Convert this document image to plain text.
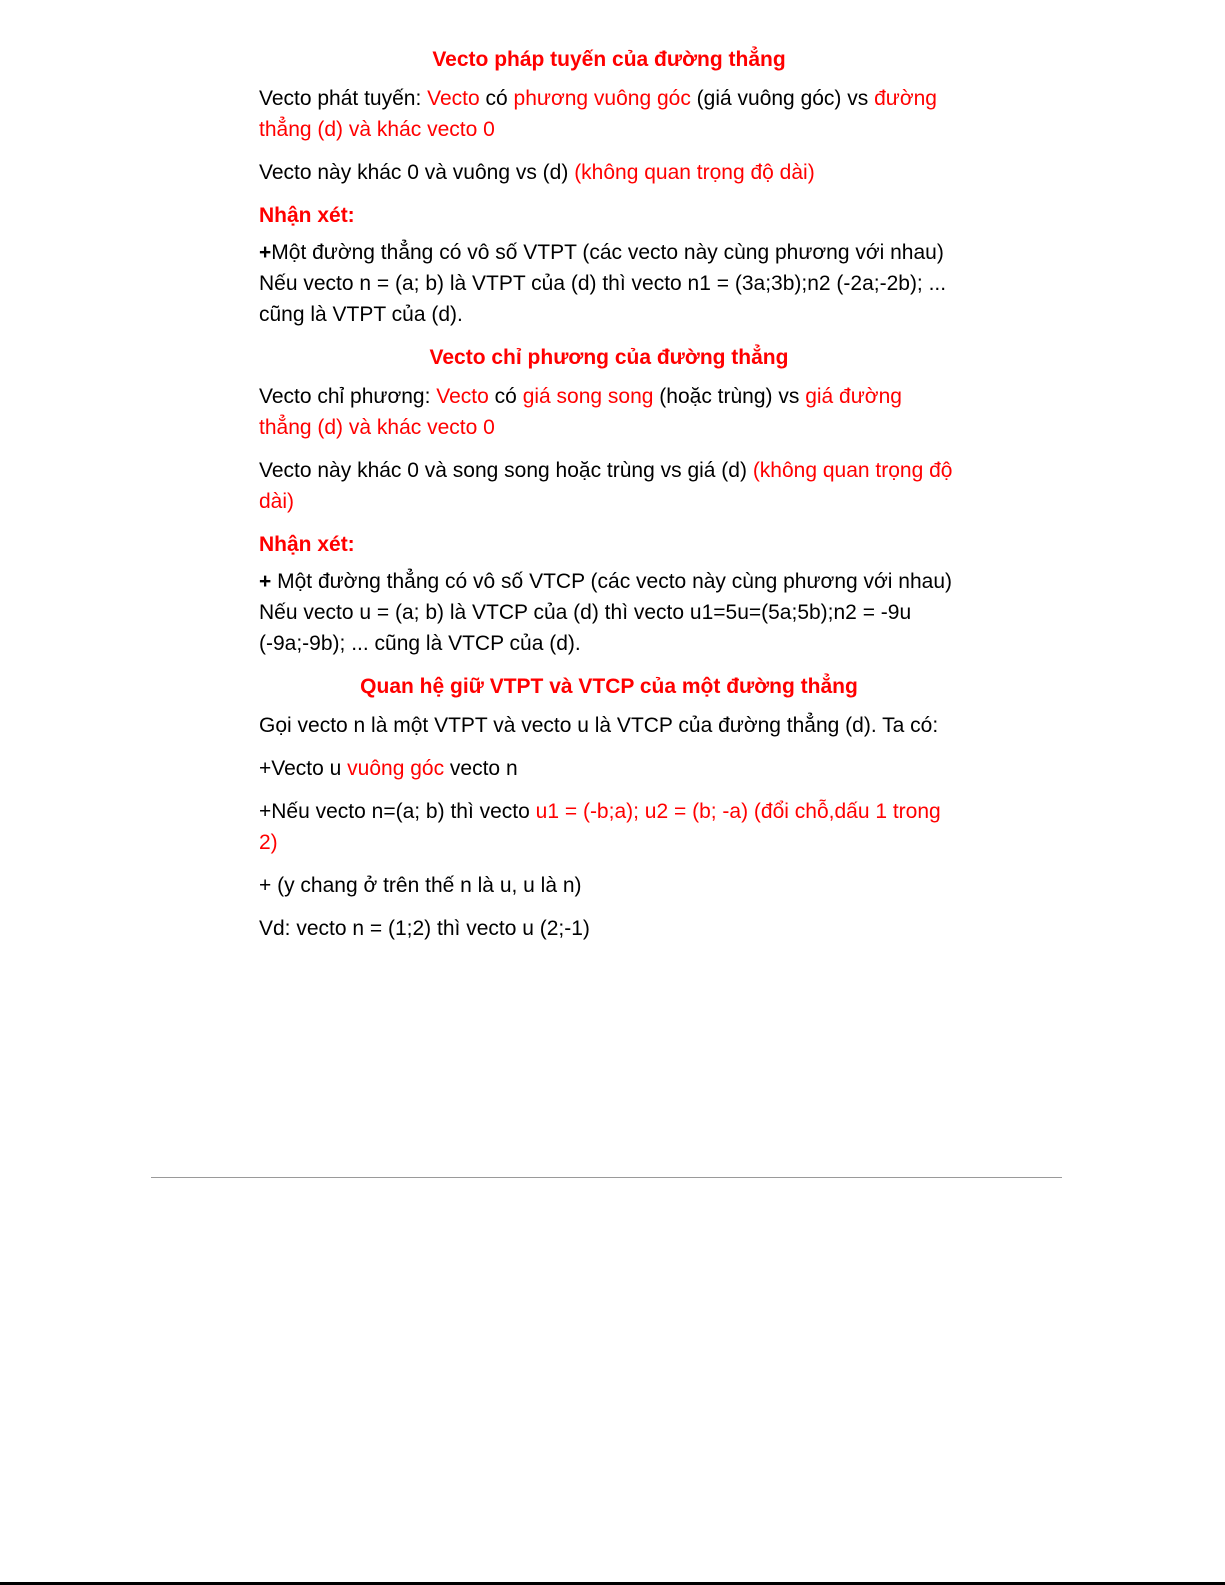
Vecto pháp tuyến của đường thẳng

Vecto phát tuyến: Vecto có phương vuông góc (giá vuông góc) vs đường thẳng (d) và khác vecto 0

Vecto này khác 0 và vuông vs (d) (không quan trọng độ dài)

Nhận xét:

+Một đường thẳng có vô số VTPT (các vecto này cùng phương với nhau) Nếu vecto n = (a; b) là VTPT của (d) thì vecto n1 = (3a;3b);n2 (-2a;-2b); ... cũng là VTPT của (d).

Vecto chỉ phương của đường thẳng

Vecto chỉ phương: Vecto có giá song song (hoặc trùng) vs giá đường thẳng (d) và khác vecto 0

Vecto này khác 0 và song song hoặc trùng vs giá (d) (không quan trọng độ dài)

Nhận xét:

+ Một đường thẳng có vô số VTCP (các vecto này cùng phương với nhau) Nếu vecto u = (a; b) là VTCP của (d) thì vecto u1=5u=(5a;5b);n2 = -9u (-9a;-9b); ... cũng là VTCP của (d).

Quan hệ giữ VTPT và VTCP của một đường thẳng

Gọi vecto n là một VTPT và vecto u là VTCP của đường thẳng (d). Ta có:

+Vecto u vuông góc vecto n

+Nếu vecto n=(a; b) thì vecto u1 = (-b;a); u2 = (b; -a) (đổi chỗ,dấu 1 trong 2)

+ (y chang ở trên thế n là u, u là n)

Vd: vecto n = (1;2) thì vecto u (2;-1)
